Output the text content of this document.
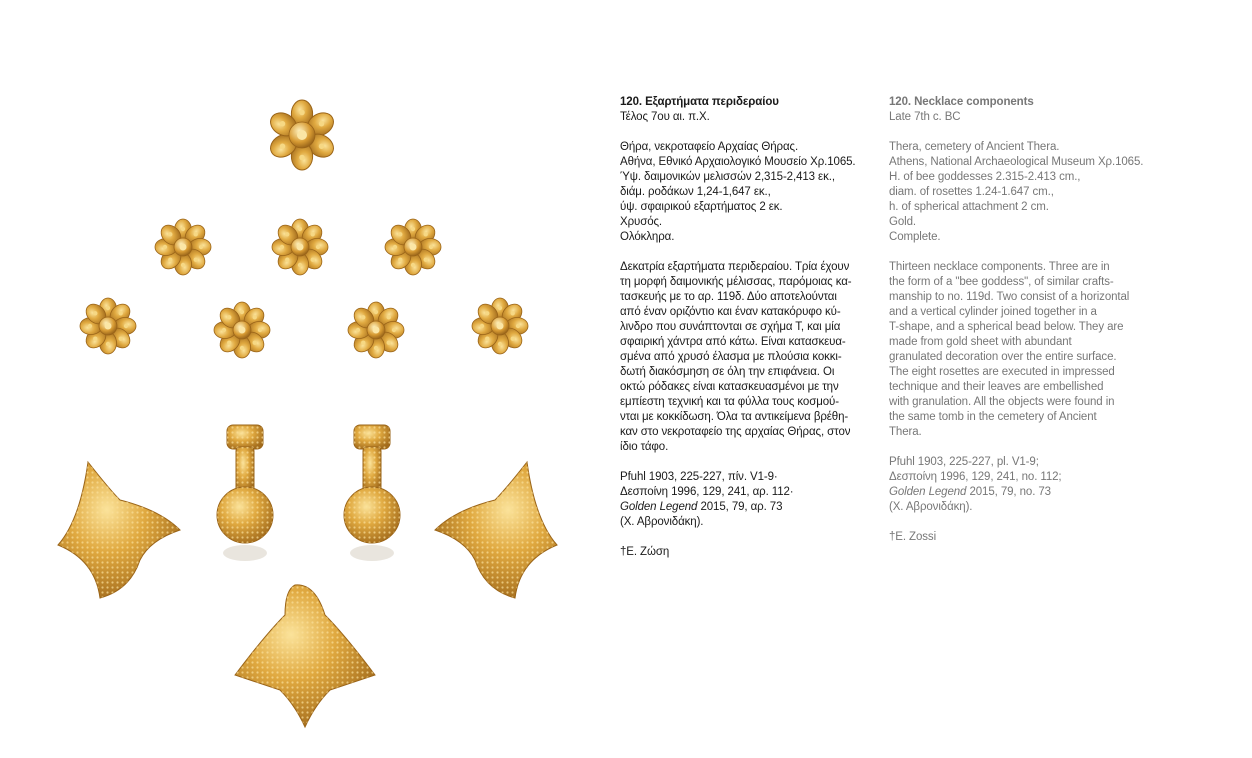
120. Εξαρτήματα περιδεραίου

Τέλος 7ου αι. π.Χ.

Θήρα, νεκροταφείο Αρχαίας Θήρας.
Αθήνα, Εθνικό Αρχαιολογικό Μουσείο Χρ.1065.
Ύψ. δαιμονικών μελισσών 2,315-2,413 εκ.,
διάμ. ροδάκων 1,24-1,647 εκ.,
ύψ. σφαιρικού εξαρτήματος 2 εκ.
Χρυσός.
Ολόκληρα.

Δεκατρία εξαρτήματα περιδεραίου. Τρία έχουν
τη μορφή δαιμονικής μέλισσας, παρόμοιας κα-
τασκευής με το αρ. 119δ. Δύο αποτελούνται
από έναν οριζόντιο και έναν κατακόρυφο κύ-
λινδρο που συνάπτονται σε σχήμα Τ, και μία
σφαιρική χάντρα από κάτω. Είναι κατασκευα-
σμένα από χρυσό έλασμα με πλούσια κοκκι-
δωτή διακόσμηση σε όλη την επιφάνεια. Οι
οκτώ ρόδακες είναι κατασκευασμένοι με την
εμπίεστη τεχνική και τα φύλλα τους κοσμού-
νται με κοκκίδωση. Όλα τα αντικείμενα βρέθη-
καν στο νεκροταφείο της αρχαίας Θήρας, στον
ίδιο τάφο.

Pfuhl 1903, 225-227, πίν. V1-9·

Δεσποίνη 1996, 129, 241, αρ. 112·

Golden Legend 2015, 79, αρ. 73

(Χ. Αβρονιδάκη).

†Ε. Ζώση

120. Necklace components

Late 7th c. BC

Thera, cemetery of Ancient Thera.
Athens, National Archaeological Museum Xρ.1065.
H. of bee goddesses 2.315-2.413 cm.,
diam. of rosettes 1.24-1.647 cm.,
h. of spherical attachment 2 cm.
Gold.
Complete.

Thirteen necklace components. Three are in
the form of a "bee goddess", of similar crafts-
manship to no. 119d. Two consist of a horizontal
and a vertical cylinder joined together in a
T-shape, and a spherical bead below. They are
made from gold sheet with abundant
granulated decoration over the entire surface.
The eight rosettes are executed in impressed
technique and their leaves are embellished
with granulation. All the objects were found in
the same tomb in the cemetery of Ancient
Thera.

Pfuhl 1903, 225-227, pl. V1-9;

Δεσποίνη 1996, 129, 241, no. 112;

Golden Legend 2015, 79, no. 73

(Χ. Αβρονιδάκη).

†E. Zossi
